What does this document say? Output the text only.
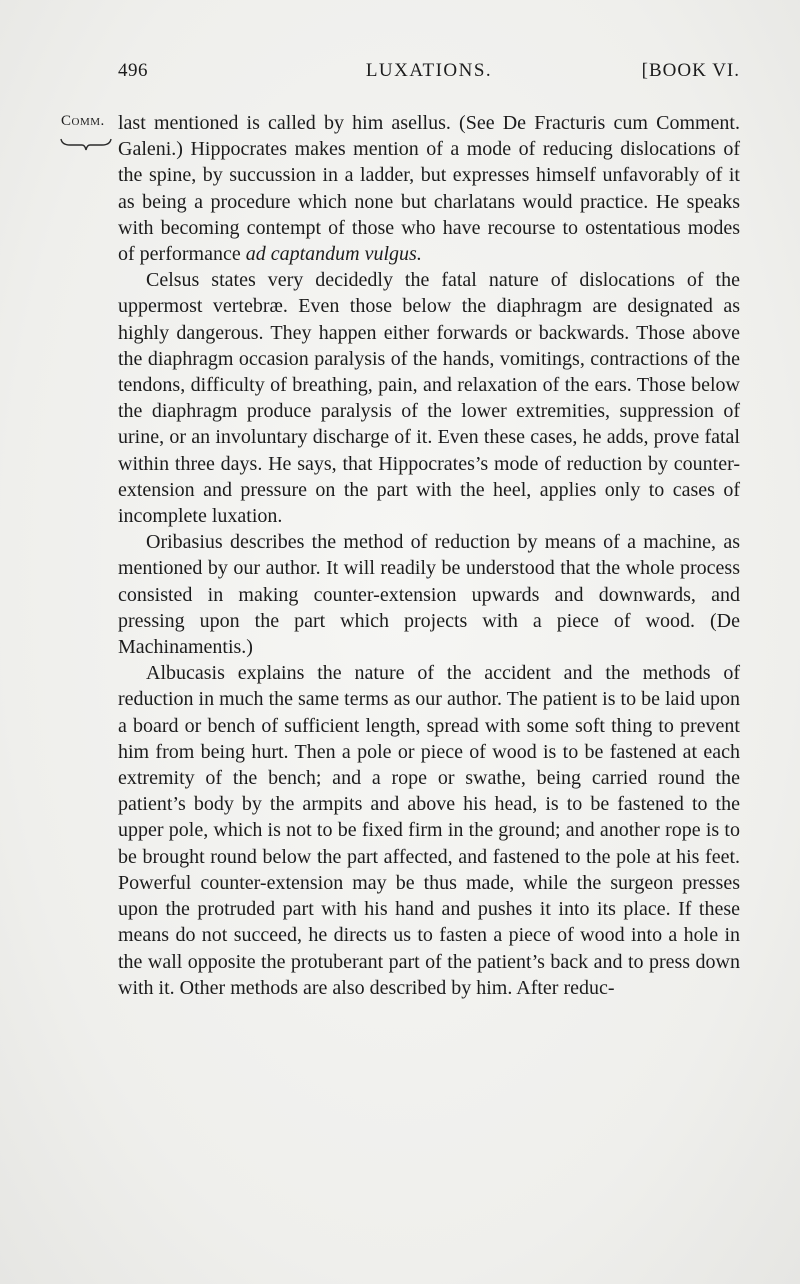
496	LUXATIONS.	[BOOK VI.
Comm. last mentioned is called by him asellus. (See De Fracturis cum Comment. Galeni.) Hippocrates makes mention of a mode of reducing dislocations of the spine, by succussion in a ladder, but expresses himself unfavorably of it as being a procedure which none but charlatans would practice. He speaks with becoming contempt of those who have recourse to ostentatious modes of performance ad captandum vulgus.

Celsus states very decidedly the fatal nature of dislocations of the uppermost vertebræ. Even those below the diaphragm are designated as highly dangerous. They happen either forwards or backwards. Those above the diaphragm occasion paralysis of the hands, vomitings, contractions of the tendons, difficulty of breathing, pain, and relaxation of the ears. Those below the diaphragm produce paralysis of the lower extremities, suppression of urine, or an involuntary discharge of it. Even these cases, he adds, prove fatal within three days. He says, that Hippocrates’s mode of reduction by counter-extension and pressure on the part with the heel, applies only to cases of incomplete luxation.

Oribasius describes the method of reduction by means of a machine, as mentioned by our author. It will readily be understood that the whole process consisted in making counter-extension upwards and downwards, and pressing upon the part which projects with a piece of wood. (De Machinamentis.)

Albucasis explains the nature of the accident and the methods of reduction in much the same terms as our author. The patient is to be laid upon a board or bench of sufficient length, spread with some soft thing to prevent him from being hurt. Then a pole or piece of wood is to be fastened at each extremity of the bench; and a rope or swathe, being carried round the patient’s body by the armpits and above his head, is to be fastened to the upper pole, which is not to be fixed firm in the ground; and another rope is to be brought round below the part affected, and fastened to the pole at his feet. Powerful counter-extension may be thus made, while the surgeon presses upon the protruded part with his hand and pushes it into its place. If these means do not succeed, he directs us to fasten a piece of wood into a hole in the wall opposite the protuberant part of the patient’s back and to press down with it. Other methods are also described by him. After reduc-
